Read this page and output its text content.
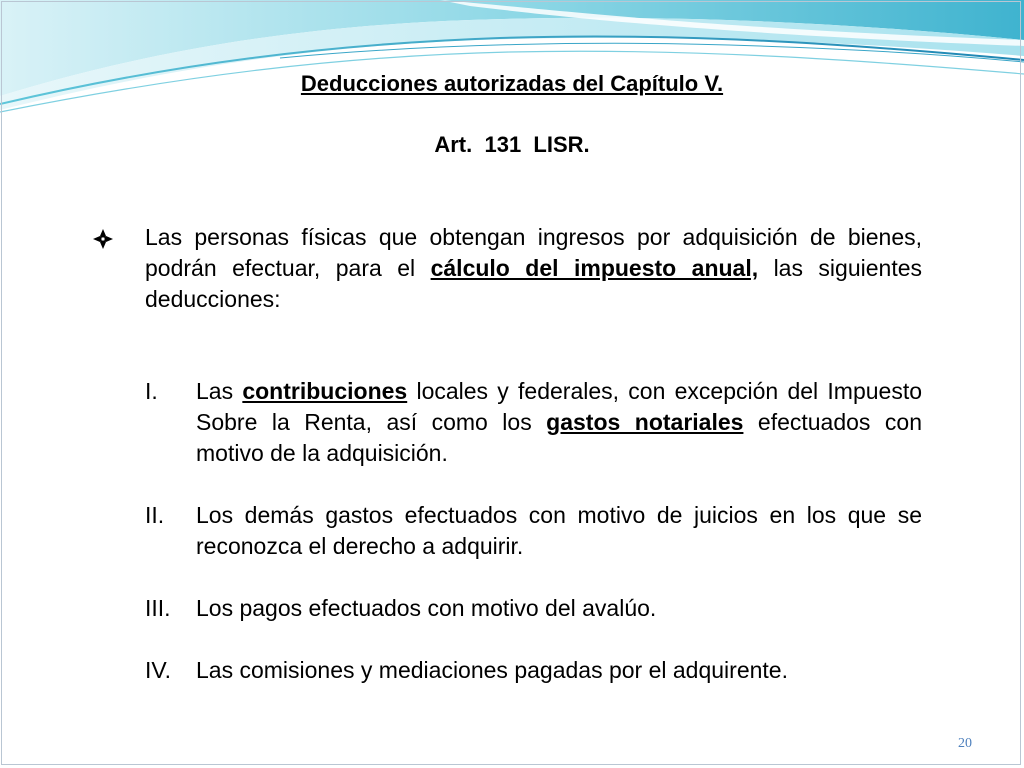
Deducciones autorizadas del Capítulo V.
Art.  131  LISR.
Las personas físicas que obtengan ingresos por adquisición de bienes, podrán efectuar, para el cálculo del impuesto anual, las siguientes deducciones:
I.	Las contribuciones locales y federales, con excepción del Impuesto Sobre la Renta, así como los gastos notariales efectuados con motivo de la adquisición.
II.	Los demás gastos efectuados con motivo de juicios en los que se reconozca el derecho a adquirir.
III.	Los pagos efectuados con motivo del avalúo.
IV.	Las comisiones y mediaciones pagadas por el adquirente.
20
